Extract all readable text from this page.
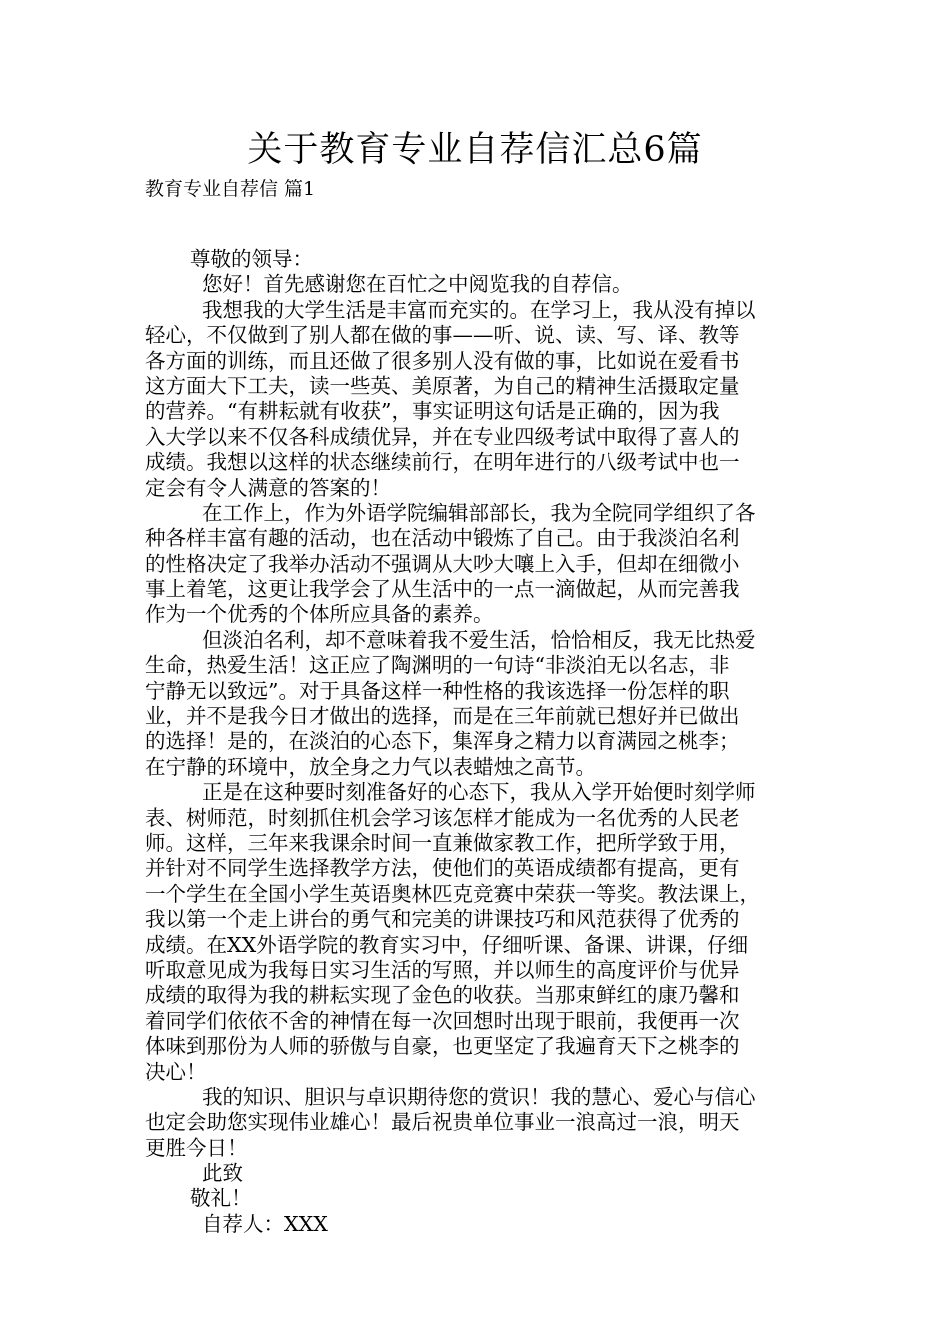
关于教育专业自荐信汇总6篇
教育专业自荐信 篇1
尊敬的领导：
您好！首先感谢您在百忙之中阅览我的自荐信。
我想我的大学生活是丰富而充实的。在学习上，我从没有掉以
轻心，不仅做到了别人都在做的事——听、说、读、写、译、教等
各方面的训练，而且还做了很多别人没有做的事，比如说在爱看书
这方面大下工夫，读一些英、美原著，为自己的精神生活摄取定量
的营养。“有耕耘就有收获”，事实证明这句话是正确的，因为我
入大学以来不仅各科成绩优异，并在专业四级考试中取得了喜人的
成绩。我想以这样的状态继续前行，在明年进行的八级考试中也一
定会有令人满意的答案的！
在工作上，作为外语学院编辑部部长，我为全院同学组织了各
种各样丰富有趣的活动，也在活动中锻炼了自己。由于我淡泊名利
的性格决定了我举办活动不强调从大吵大嚷上入手，但却在细微小
事上着笔，这更让我学会了从生活中的一点一滴做起，从而完善我
作为一个优秀的个体所应具备的素养。
但淡泊名利，却不意味着我不爱生活，恰恰相反，我无比热爱
生命，热爱生活！这正应了陶渊明的一句诗“非淡泊无以名志，非
宁静无以致远”。对于具备这样一种性格的我该选择一份怎样的职
业，并不是我今日才做出的选择，而是在三年前就已想好并已做出
的选择！是的，在淡泊的心态下，集浑身之精力以育满园之桃李；
在宁静的环境中，放全身之力气以表蜡烛之高节。
正是在这种要时刻准备好的心态下，我从入学开始便时刻学师
表、树师范，时刻抓住机会学习该怎样才能成为一名优秀的人民老
师。这样，三年来我课余时间一直兼做家教工作，把所学致于用，
并针对不同学生选择教学方法，使他们的英语成绩都有提高，更有
一个学生在全国小学生英语奥林匹克竞赛中荣获一等奖。教法课上，
我以第一个走上讲台的勇气和完美的讲课技巧和风范获得了优秀的
成绩。在XX外语学院的教育实习中，仔细听课、备课、讲课，仔细
听取意见成为我每日实习生活的写照，并以师生的高度评价与优异
成绩的取得为我的耕耘实现了金色的收获。当那束鲜红的康乃馨和
着同学们依依不舍的神情在每一次回想时出现于眼前，我便再一次
体味到那份为人师的骄傲与自豪，也更坚定了我遍育天下之桃李的
决心！
我的知识、胆识与卓识期待您的赏识！我的慧心、爱心与信心
也定会助您实现伟业雄心！最后祝贵单位事业一浪高过一浪，明天
更胜今日！
此致
敬礼！
自荐人：XXX
